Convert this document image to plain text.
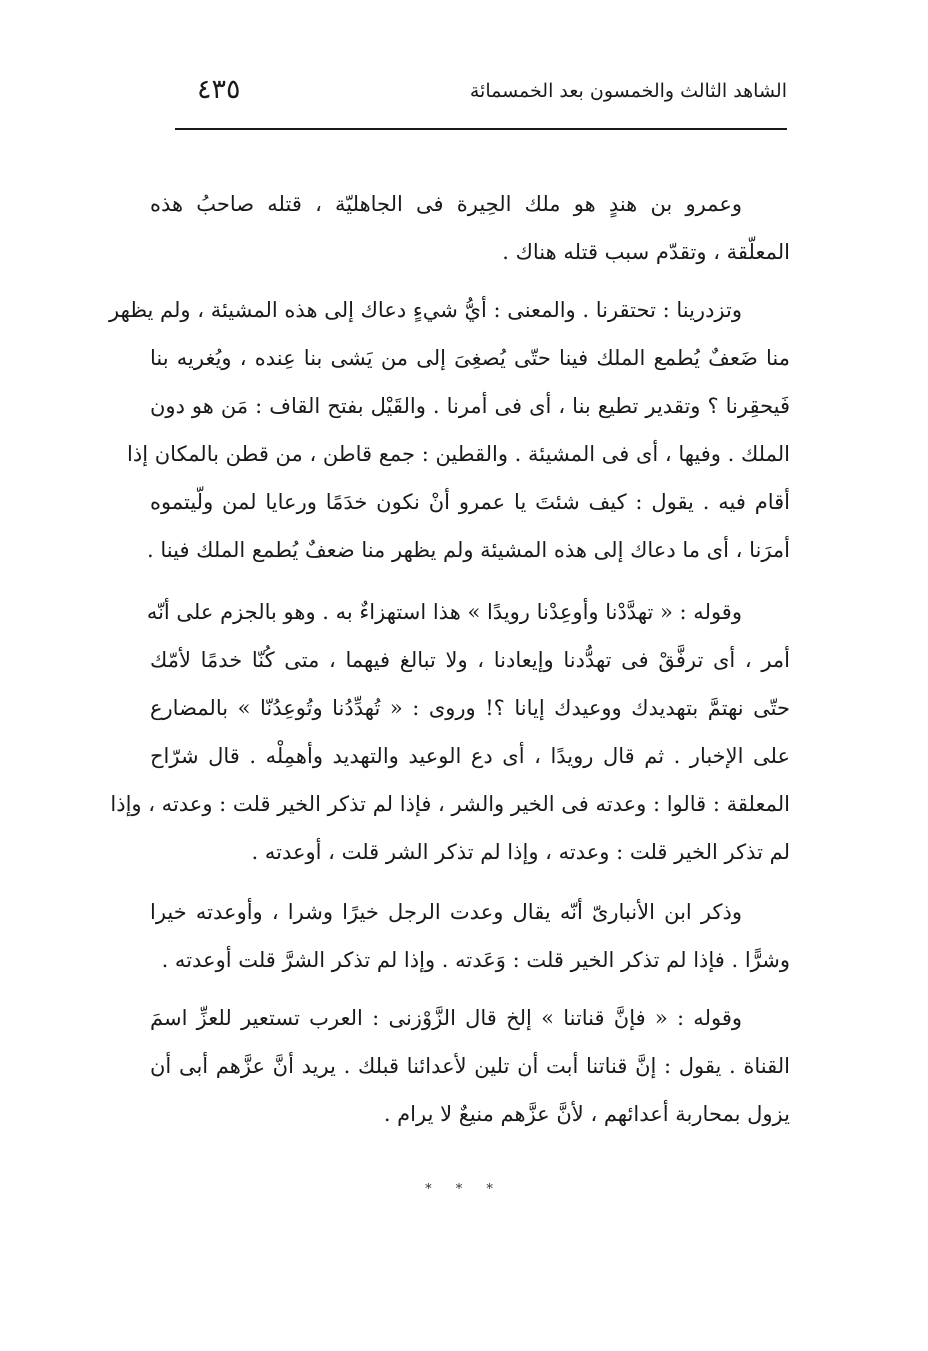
الشاهد الثالث والخمسون بعد الخمسمائة
٤٣٥
وعمرو بن هندٍ هو ملك الحِيرة فى الجاهليّة ، قتله صاحبُ هذه
المعلّقة ، وتقدّم سبب قتله هناك .
وتزدرينا : تحتقرنا . والمعنى : أيُّ شيءٍ دعاك إلى هذه المشيئة ، ولم يظهر
منا ضَعفٌ يُطمع الملك فينا حتّى يُصغِىَ إلى من يَشى بنا عِنده ، ويُغريه بنا
فَيحقِرنا ؟ وتقدير تطيع بنا ، أى فى أمرنا . والقَيْل بفتح القاف : مَن هو دون
الملك . وفيها ، أى فى المشيئة . والقطين : جمع قاطن ، من قطن بالمكان إذا
أقام فيه . يقول : كيف شئتَ يا عمرو أنْ نكون خدَمًا ورعايا لمن ولّيتموه
أمرَنا ، أى ما دعاك إلى هذه المشيئة ولم يظهر منا ضعفٌ يُطمع الملك فينا .
وقوله : « تهدَّدْنا وأوعِدْنا رويدًا » هذا استهزاءٌ به . وهو بالجزم على أنّه
أمر ، أى ترفَّقْ فى تهدُّدنا وإيعادنا ، ولا تبالغ فيهما ، متى كُنّا خدمًا لأمّك
حتّى نهتمَّ بتهديدك ووعيدك إيانا ؟! وروى : « تُهدِّدُنا وتُوعِدُنّا » بالمضارع
على الإخبار . ثم قال رويدًا ، أى دع الوعيد والتهديد وأهمِلْه . قال شرّاح
المعلقة : قالوا : وعدته فى الخير والشر ، فإذا لم تذكر الخير قلت : وعدته ، وإذا
لم تذكر الخير قلت : وعدته ، وإذا لم تذكر الشر قلت ، أوعدته .
وذكر ابن الأنبارىّ أنّه يقال وعدت الرجل خيرًا وشرا ، وأوعدته خيرا
وشرًّا . فإذا لم تذكر الخير قلت : وَعَدته . وإذا لم تذكر الشرَّ قلت أوعدته .
وقوله : « فإنَّ قناتنا » إلخ قال الزَّوْزنى : العرب تستعير للعزِّ اسمَ
القناة . يقول : إنَّ قناتنا أبت أن تلين لأعدائنا قبلك . يريد أنَّ عزَّهم أبى أن
يزول بمحاربة أعدائهم ، لأنَّ عزَّهم منيعٌ لا يرام .
* * *
